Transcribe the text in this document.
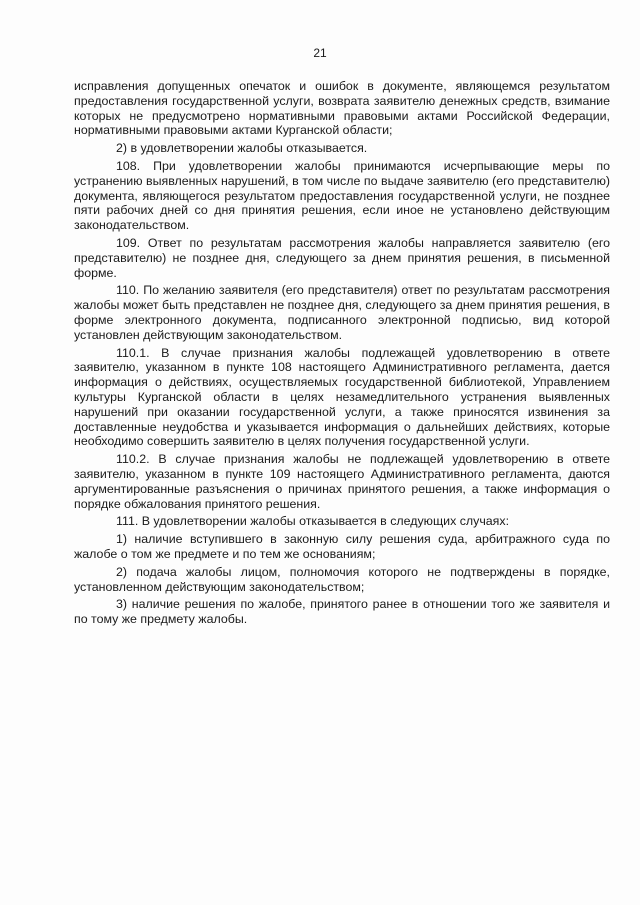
21

исправления допущенных опечаток и ошибок в документе, являющемся результатом предоставления государственной услуги, возврата заявителю денежных средств, взимание которых не предусмотрено нормативными правовыми актами Российской Федерации, нормативными правовыми актами Курганской области;

2) в удовлетворении жалобы отказывается.

108. При удовлетворении жалобы принимаются исчерпывающие меры по устранению выявленных нарушений, в том числе по выдаче заявителю (его представителю) документа, являющегося результатом предоставления государственной услуги, не позднее пяти рабочих дней со дня принятия решения, если иное не установлено действующим законодательством.

109. Ответ по результатам рассмотрения жалобы направляется заявителю (его представителю) не позднее дня, следующего за днем принятия решения, в письменной форме.

110. По желанию заявителя (его представителя) ответ по результатам рассмотрения жалобы может быть представлен не позднее дня, следующего за днем принятия решения, в форме электронного документа, подписанного электронной подписью, вид которой установлен действующим законодательством.

110.1. В случае признания жалобы подлежащей удовлетворению в ответе заявителю, указанном в пункте 108 настоящего Административного регламента, дается информация о действиях, осуществляемых государственной библиотекой, Управлением культуры Курганской области в целях незамедлительного устранения выявленных нарушений при оказании государственной услуги, а также приносятся извинения за доставленные неудобства и указывается информация о дальнейших действиях, которые необходимо совершить заявителю в целях получения государственной услуги.

110.2. В случае признания жалобы не подлежащей удовлетворению в ответе заявителю, указанном в пункте 109 настоящего Административного регламента, даются аргументированные разъяснения о причинах принятого решения, а также информация о порядке обжалования принятого решения.

111. В удовлетворении жалобы отказывается в следующих случаях:

1) наличие вступившего в законную силу решения суда, арбитражного суда по жалобе о том же предмете и по тем же основаниям;

2) подача жалобы лицом, полномочия которого не подтверждены в порядке, установленном действующим законодательством;

3) наличие решения по жалобе, принятого ранее в отношении того же заявителя и по тому же предмету жалобы.
